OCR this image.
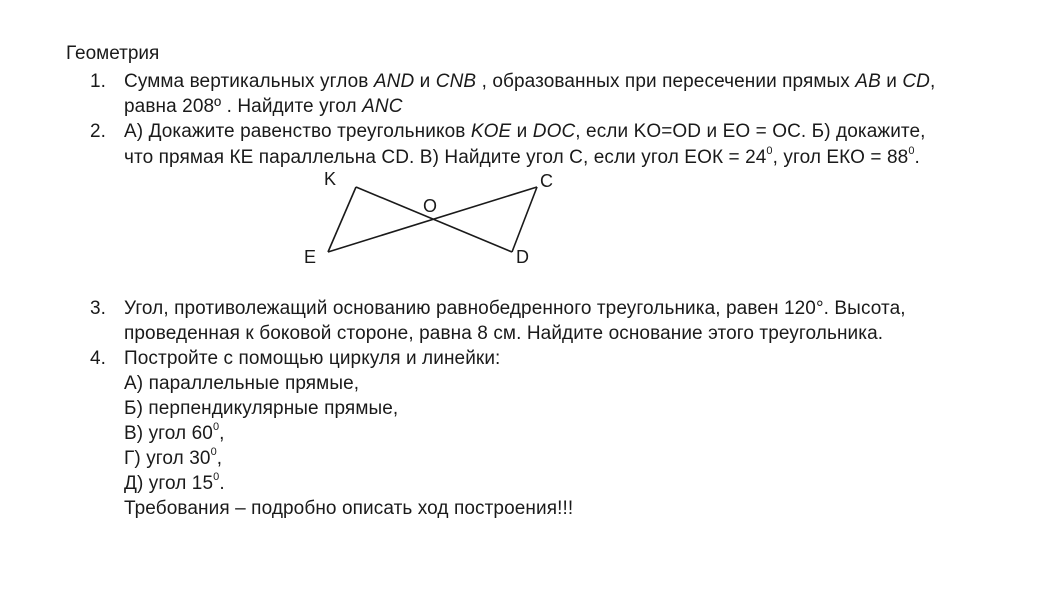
Геометрия
1. Сумма вертикальных углов AND и CNB , образованных при пересечении прямых AB и CD,
равна 208º . Найдите угол ANC
2. А) Докажите равенство треугольников KOE и DOC, если KO=OD и EO = OC. Б) докажите,
что прямая КЕ параллельна CD. В) Найдите угол С, если угол ЕОК = $24^0$, угол ЕКО = $88^0$.
K	C
O
E	D
3. Угол, противолежащий основанию равнобедренного треугольника, равен 120°. Высота,
проведенная к боковой стороне, равна 8 см. Найдите основание этого треугольника.
4. Постройте с помощью циркуля и линейки:
А) параллельные прямые,
Б) перпендикулярные прямые,
В) угол $60^0$,
Г) угол $30^0$,
Д) угол $15^0$.
Требования – подробно описать ход построения!!!
